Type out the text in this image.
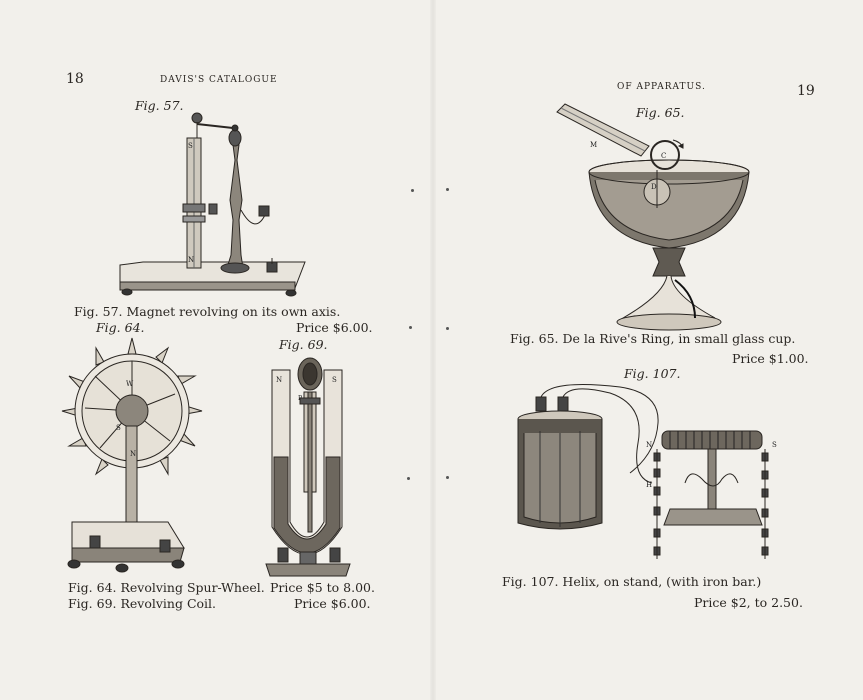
18	DAVIS'S CATALOGUE
OF APPARATUS.	19
Fig. 57.
S
N
Fig. 57. Magnet revolving on its own axis.
Price $6.00.
Fig. 64.
W
S
N
Fig. 64. Revolving Spur-Wheel. Price $5 to 8.00.
Fig. 69.
N	S
P
Fig. 69. Revolving Coil.	Price $6.00.
Fig. 65.
M
C
D
Fig. 65. De la Rive's Ring, in small glass cup.
Price $1.00.
Fig. 107.
N	S
H
Fig. 107. Helix, on stand, (with iron bar.)
Price $2, to 2.50.
